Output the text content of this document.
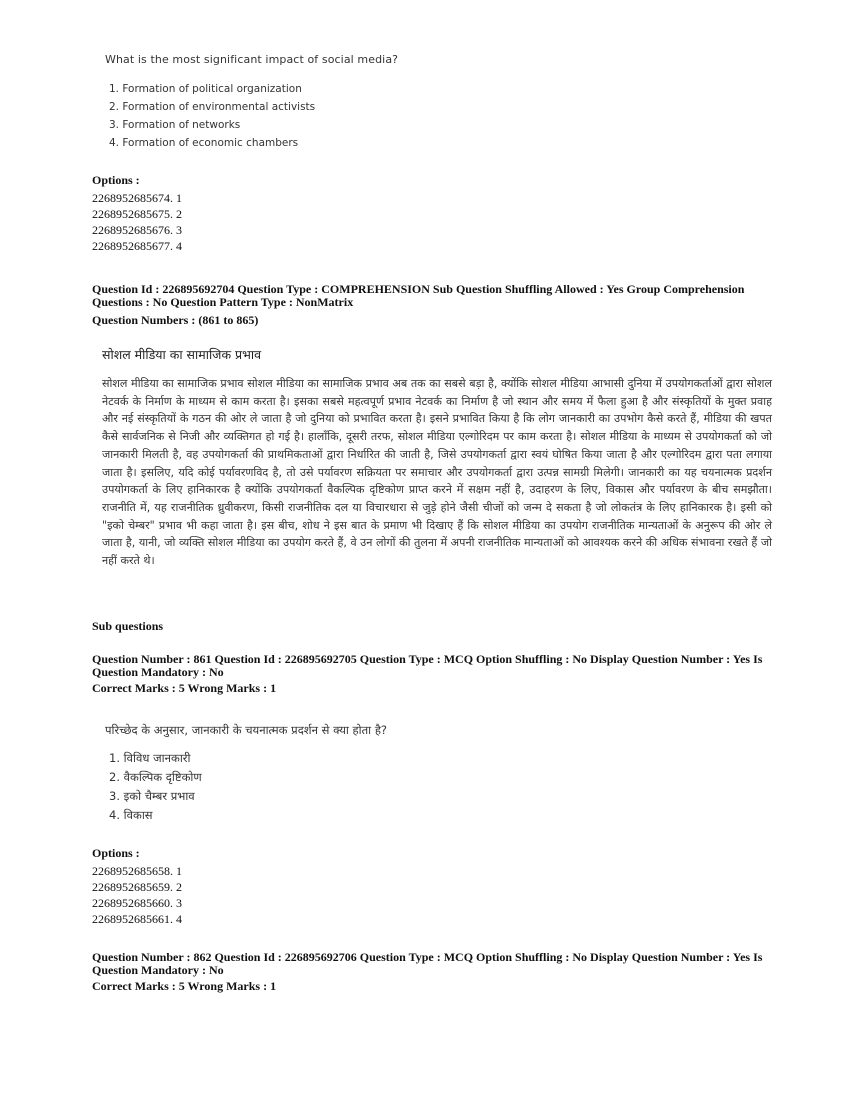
What is the most significant impact of social media?
1. Formation of political organization
2. Formation of environmental activists
3. Formation of networks
4. Formation of economic chambers
Options :
2268952685674. 1
2268952685675. 2
2268952685676. 3
2268952685677. 4
Question Id : 226895692704 Question Type : COMPREHENSION Sub Question Shuffling Allowed : Yes Group Comprehension
Questions : No Question Pattern Type : NonMatrix
Question Numbers : (861 to 865)
सोशल मीडिया का सामाजिक प्रभाव
सोशल मीडिया का सामाजिक प्रभाव सोशल मीडिया का सामाजिक प्रभाव अब तक का सबसे बड़ा है, क्योंकि सोशल मीडिया आभासी दुनिया में उपयोगकर्ताओं द्वारा सोशल नेटवर्क के निर्माण के माध्यम से काम करता है। इसका सबसे महत्वपूर्ण प्रभाव नेटवर्क का निर्माण है जो स्थान और समय में फैला हुआ है और संस्कृतियों के मुक्त प्रवाह और नई संस्कृतियों के गठन की ओर ले जाता है जो दुनिया को प्रभावित करता है। इसने प्रभावित किया है कि लोग जानकारी का उपभोग कैसे करते हैं, मीडिया की खपत कैसे सार्वजनिक से निजी और व्यक्तिगत हो गई है। हालाँकि, दूसरी तरफ, सोशल मीडिया एल्गोरिदम पर काम करता है। सोशल मीडिया के माध्यम से उपयोगकर्ता को जो जानकारी मिलती है, वह उपयोगकर्ता की प्राथमिकताओं द्वारा निर्धारित की जाती है, जिसे उपयोगकर्ता द्वारा स्वयं घोषित किया जाता है और एल्गोरिदम द्वारा पता लगाया जाता है। इसलिए, यदि कोई पर्यावरणविद है, तो उसे पर्यावरण सक्रियता पर समाचार और उपयोगकर्ता द्वारा उत्पन्न सामग्री मिलेगी। जानकारी का यह चयनात्मक प्रदर्शन उपयोगकर्ता के लिए हानिकारक है क्योंकि उपयोगकर्ता वैकल्पिक दृष्टिकोण प्राप्त करने में सक्षम नहीं है, उदाहरण के लिए, विकास और पर्यावरण के बीच समझौता। राजनीति में, यह राजनीतिक ध्रुवीकरण, किसी राजनीतिक दल या विचारधारा से जुड़े होने जैसी चीजों को जन्म दे सकता है जो लोकतंत्र के लिए हानिकारक है। इसी को "इको चेम्बर" प्रभाव भी कहा जाता है। इस बीच, शोध ने इस बात के प्रमाण भी दिखाए हैं कि सोशल मीडिया का उपयोग राजनीतिक मान्यताओं के अनुरूप की ओर ले जाता है, यानी, जो व्यक्ति सोशल मीडिया का उपयोग करते हैं, वे उन लोगों की तुलना में अपनी राजनीतिक मान्यताओं को आवश्यक करने की अधिक संभावना रखते हैं जो नहीं करते थे।
Sub questions
Question Number : 861 Question Id : 226895692705 Question Type : MCQ Option Shuffling : No Display Question Number : Yes Is
Question Mandatory : No
Correct Marks : 5 Wrong Marks : 1
परिच्छेद के अनुसार, जानकारी के चयनात्मक प्रदर्शन से क्या होता है?
1. विविध जानकारी
2. वैकल्पिक दृष्टिकोण
3. इको चैम्बर प्रभाव
4. विकास
Options :
2268952685658. 1
2268952685659. 2
2268952685660. 3
2268952685661. 4
Question Number : 862 Question Id : 226895692706 Question Type : MCQ Option Shuffling : No Display Question Number : Yes Is
Question Mandatory : No
Correct Marks : 5 Wrong Marks : 1
